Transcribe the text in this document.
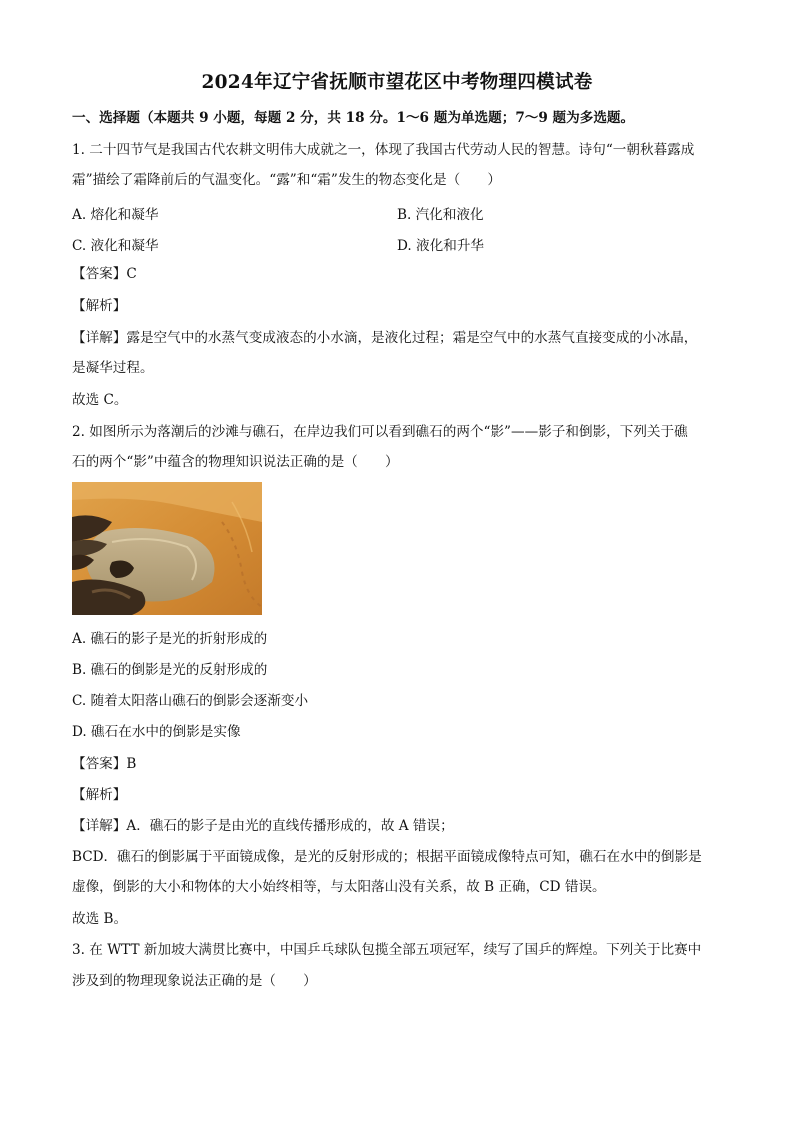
2024年辽宁省抚顺市望花区中考物理四模试卷
一、选择题（本题共 9 小题，每题 2 分，共 18 分。1～6 题为单选题；7～9 题为多选题。
1. 二十四节气是我国古代农耕文明伟大成就之一，体现了我国古代劳动人民的智慧。诗句“一朝秋暮露成
霜”描绘了霜降前后的气温变化。“露”和“霜”发生的物态变化是（　　）
A. 熔化和凝华	B. 汽化和液化
C. 液化和凝华	D. 液化和升华
【答案】C
【解析】
【详解】露是空气中的水蒸气变成液态的小水滴，是液化过程；霜是空气中的水蒸气直接变成的小冰晶，
是凝华过程。
故选 C。
2. 如图所示为落潮后的沙滩与礁石，在岸边我们可以看到礁石的两个“影”——影子和倒影，下列关于礁
石的两个“影”中蕴含的物理知识说法正确的是（　　）
A. 礁石的影子是光的折射形成的
B. 礁石的倒影是光的反射形成的
C. 随着太阳落山礁石的倒影会逐渐变小
D. 礁石在水中的倒影是实像
【答案】B
【解析】
【详解】A．礁石的影子是由光的直线传播形成的，故 A 错误；
BCD．礁石的倒影属于平面镜成像，是光的反射形成的；根据平面镜成像特点可知，礁石在水中的倒影是
虚像，倒影的大小和物体的大小始终相等，与太阳落山没有关系，故 B 正确，CD 错误。
故选 B。
3. 在 WTT 新加坡大满贯比赛中，中国乒乓球队包揽全部五项冠军，续写了国乒的辉煌。下列关于比赛中
涉及到的物理现象说法正确的是（　　）
